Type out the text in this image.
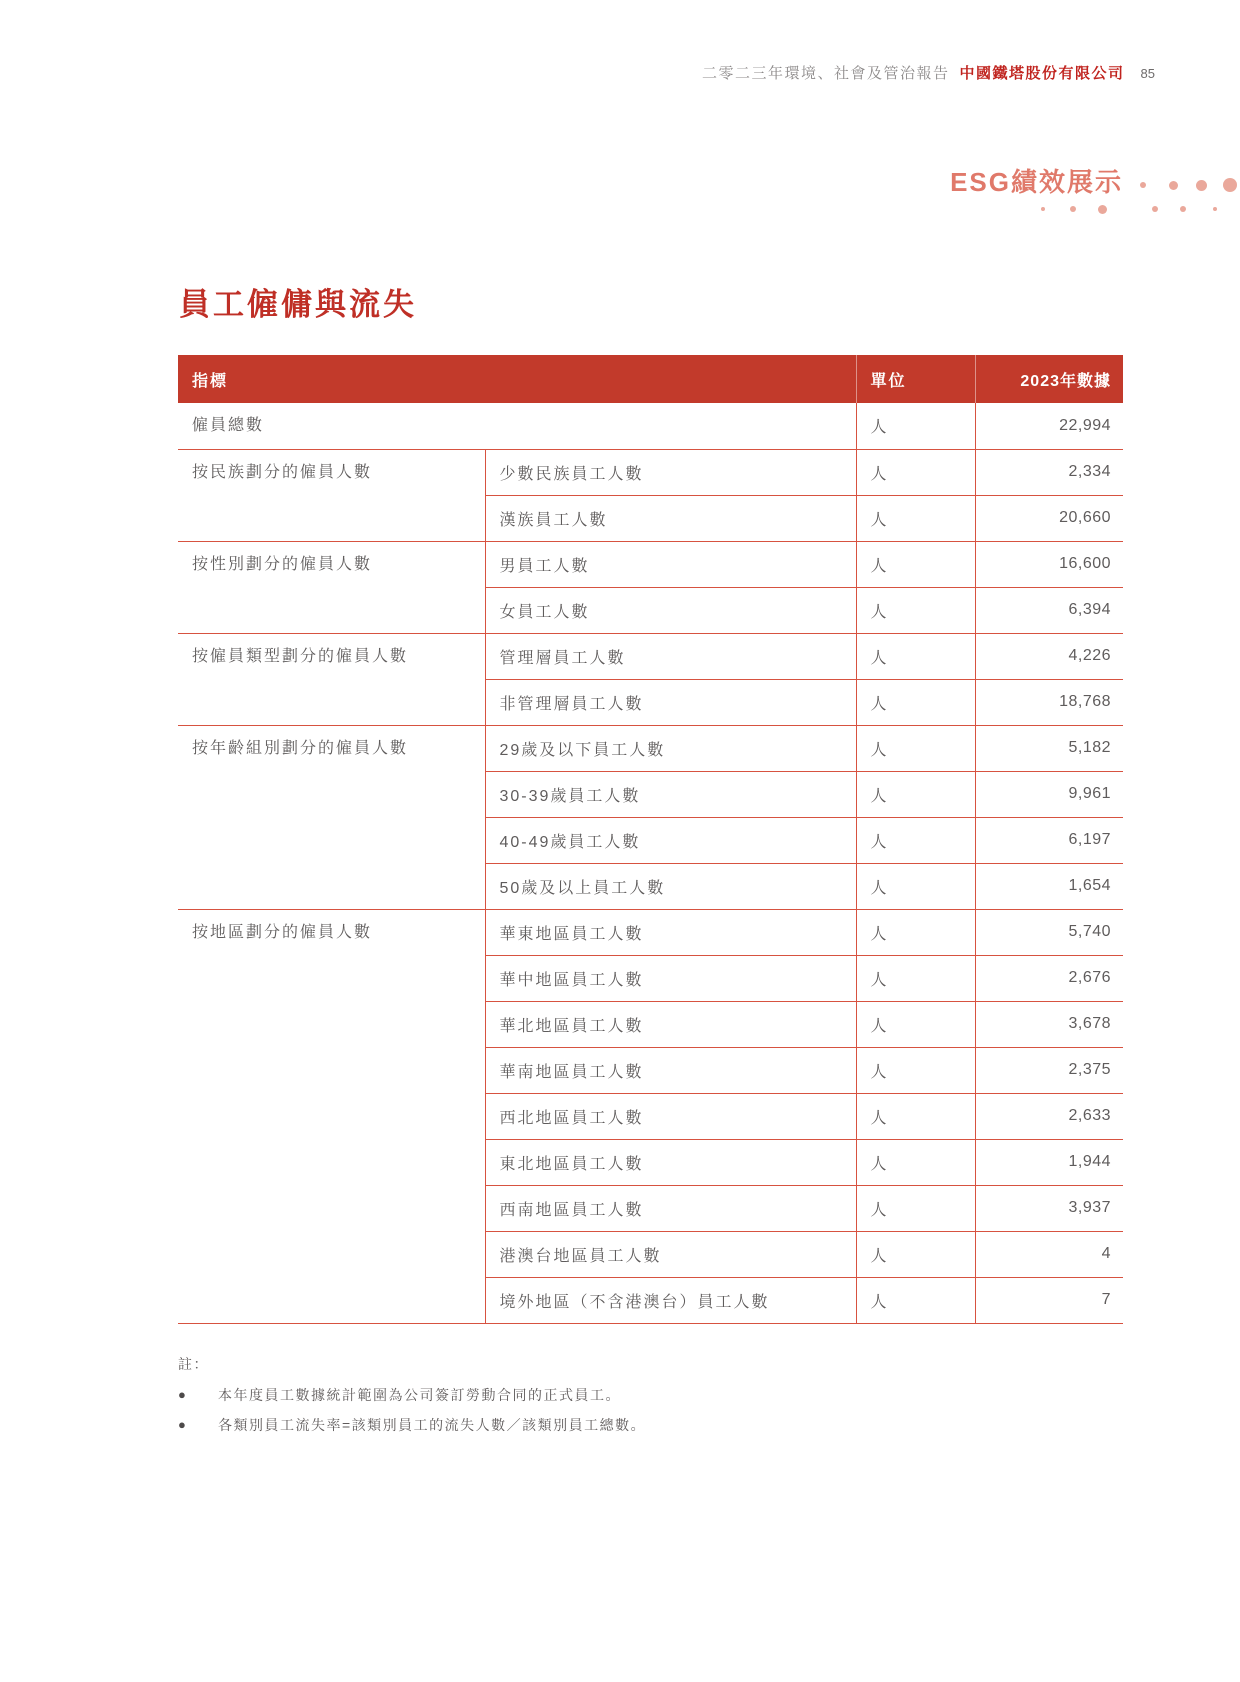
二零二三年環境、社會及管治報告 中國鐵塔股份有限公司 85
ESG績效展示
員工僱傭與流失
指標		單位	2023年數據
僱員總數		人	22,994
按民族劃分的僱員人數	少數民族員工人數	人	2,334
	漢族員工人數	人	20,660
按性別劃分的僱員人數	男員工人數	人	16,600
	女員工人數	人	6,394
按僱員類型劃分的僱員人數	管理層員工人數	人	4,226
	非管理層員工人數	人	18,768
按年齡組別劃分的僱員人數	29歲及以下員工人數	人	5,182
	30-39歲員工人數	人	9,961
	40-49歲員工人數	人	6,197
	50歲及以上員工人數	人	1,654
按地區劃分的僱員人數	華東地區員工人數	人	5,740
	華中地區員工人數	人	2,676
	華北地區員工人數	人	3,678
	華南地區員工人數	人	2,375
	西北地區員工人數	人	2,633
	東北地區員工人數	人	1,944
	西南地區員工人數	人	3,937
	港澳台地區員工人數	人	4
	境外地區（不含港澳台）員工人數	人	7
註：
●	本年度員工數據統計範圍為公司簽訂勞動合同的正式員工。
●	各類別員工流失率=該類別員工的流失人數／該類別員工總數。
